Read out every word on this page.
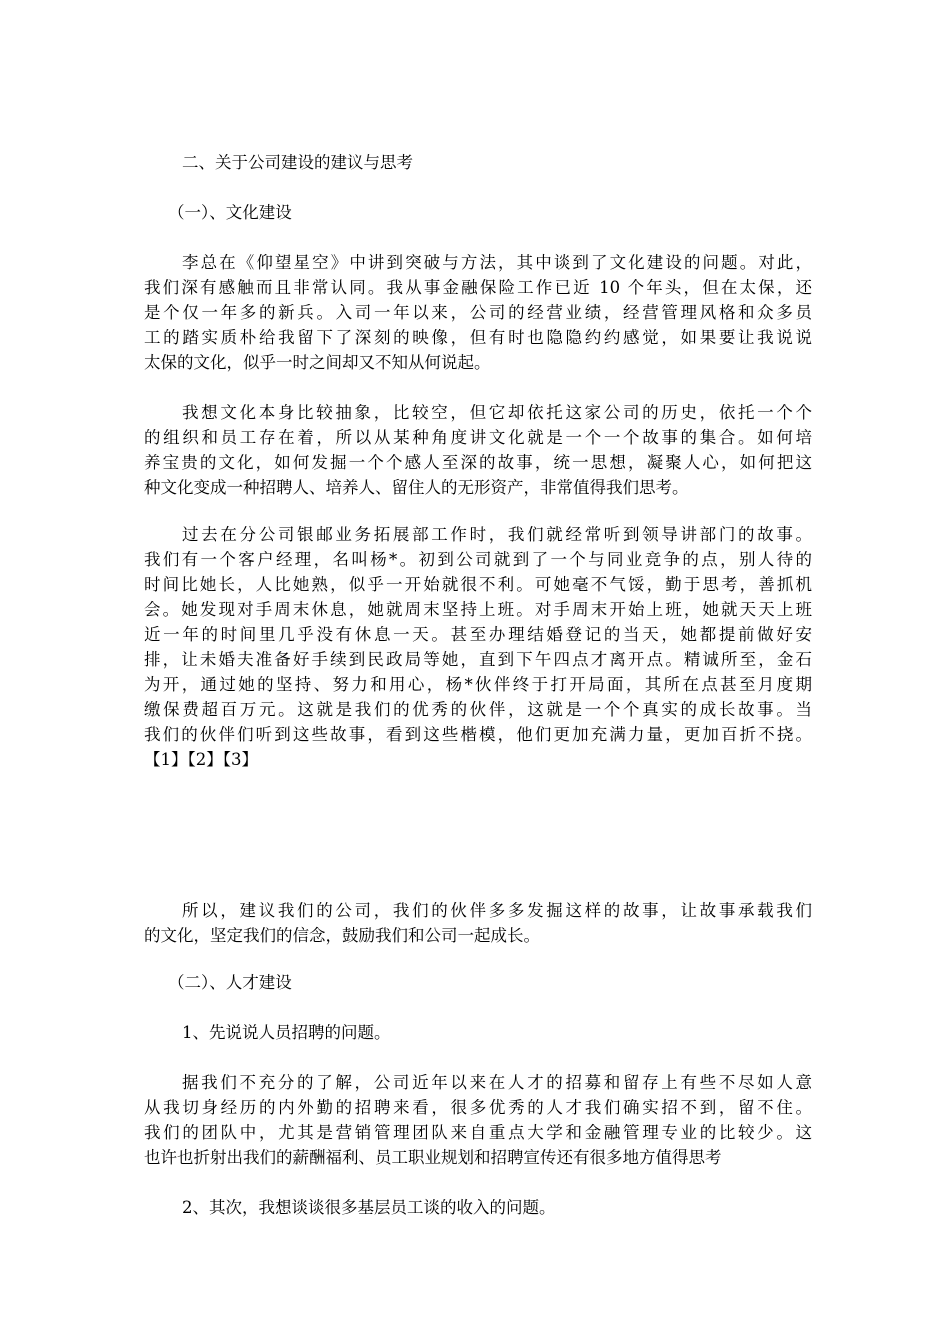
二、关于公司建设的建议与思考

（一）、文化建设

李总在《仰望星空》中讲到突破与方法，其中谈到了文化建设的问题。对此，
我们深有感触而且非常认同。我从事金融保险工作已近 10 个年头，但在太保，还
是个仅一年多的新兵。入司一年以来，公司的经营业绩，经营管理风格和众多员
工的踏实质朴给我留下了深刻的映像，但有时也隐隐约约感觉，如果要让我说说
太保的文化，似乎一时之间却又不知从何说起。

我想文化本身比较抽象，比较空，但它却依托这家公司的历史，依托一个个
的组织和员工存在着，所以从某种角度讲文化就是一个一个故事的集合。如何培
养宝贵的文化，如何发掘一个个感人至深的故事，统一思想，凝聚人心，如何把这
种文化变成一种招聘人、培养人、留住人的无形资产，非常值得我们思考。

过去在分公司银邮业务拓展部工作时，我们就经常听到领导讲部门的故事。
我们有一个客户经理，名叫杨*。初到公司就到了一个与同业竞争的点，别人待的
时间比她长，人比她熟，似乎一开始就很不利。可她毫不气馁，勤于思考，善抓机
会。她发现对手周末休息，她就周末坚持上班。对手周末开始上班，她就天天上班
近一年的时间里几乎没有休息一天。甚至办理结婚登记的当天，她都提前做好安
排，让未婚夫准备好手续到民政局等她，直到下午四点才离开点。精诚所至，金石
为开，通过她的坚持、努力和用心，杨*伙伴终于打开局面，其所在点甚至月度期
缴保费超百万元。这就是我们的优秀的伙伴，这就是一个个真实的成长故事。当
我们的伙伴们听到这些故事，看到这些楷模，他们更加充满力量，更加百折不挠。
【1】【2】【3】

所以，建议我们的公司，我们的伙伴多多发掘这样的故事，让故事承载我们
的文化，坚定我们的信念，鼓励我们和公司一起成长。

（二）、人才建设

1、先说说人员招聘的问题。

据我们不充分的了解，公司近年以来在人才的招募和留存上有些不尽如人意
从我切身经历的内外勤的招聘来看，很多优秀的人才我们确实招不到，留不住。
我们的团队中，尤其是营销管理团队来自重点大学和金融管理专业的比较少。这
也许也折射出我们的薪酬福利、员工职业规划和招聘宣传还有很多地方值得思考

2、其次，我想谈谈很多基层员工谈的收入的问题。
